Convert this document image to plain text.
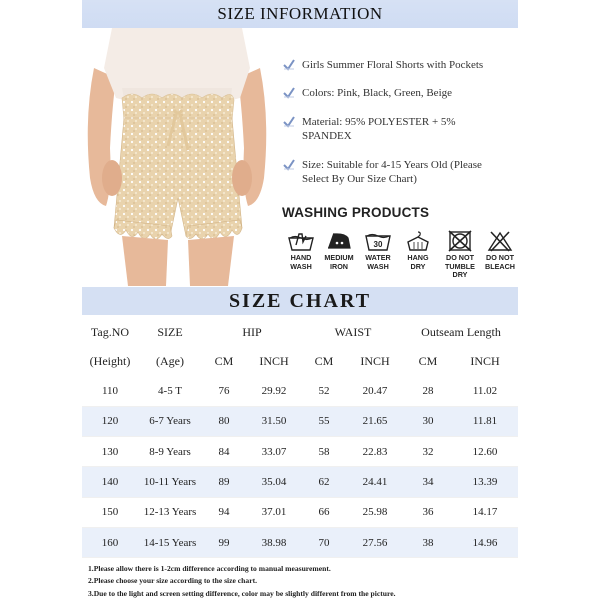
SIZE INFORMATION
Girls Summer Floral Shorts with Pockets
Colors: Pink, Black, Green, Beige
Material: 95% POLYESTER + 5% SPANDEX
Size: Suitable for 4-15 Years Old (Please Select By Our Size Chart)
WASHING PRODUCTS
HAND
WASH
MEDIUM
IRON
30
WATER
WASH
HANG
DRY
DO NOT
TUMBLE
DRY
DO NOT
BLEACH
SIZE CHART
Tag.NO	SIZE	HIP		WAIST		Outseam Length	
(Height)	(Age)	CM	INCH	CM	INCH	CM	INCH
110	4-5 T	76	29.92	52	20.47	28	11.02
120	6-7 Years	80	31.50	55	21.65	30	11.81
130	8-9 Years	84	33.07	58	22.83	32	12.60
140	10-11 Years	89	35.04	62	24.41	34	13.39
150	12-13 Years	94	37.01	66	25.98	36	14.17
160	14-15 Years	99	38.98	70	27.56	38	14.96
1.Please allow there is 1-2cm difference according to manual measurement.
2.Please choose your size according to the size chart.
3.Due to the light and screen setting difference, color may be slightly different from the picture.
